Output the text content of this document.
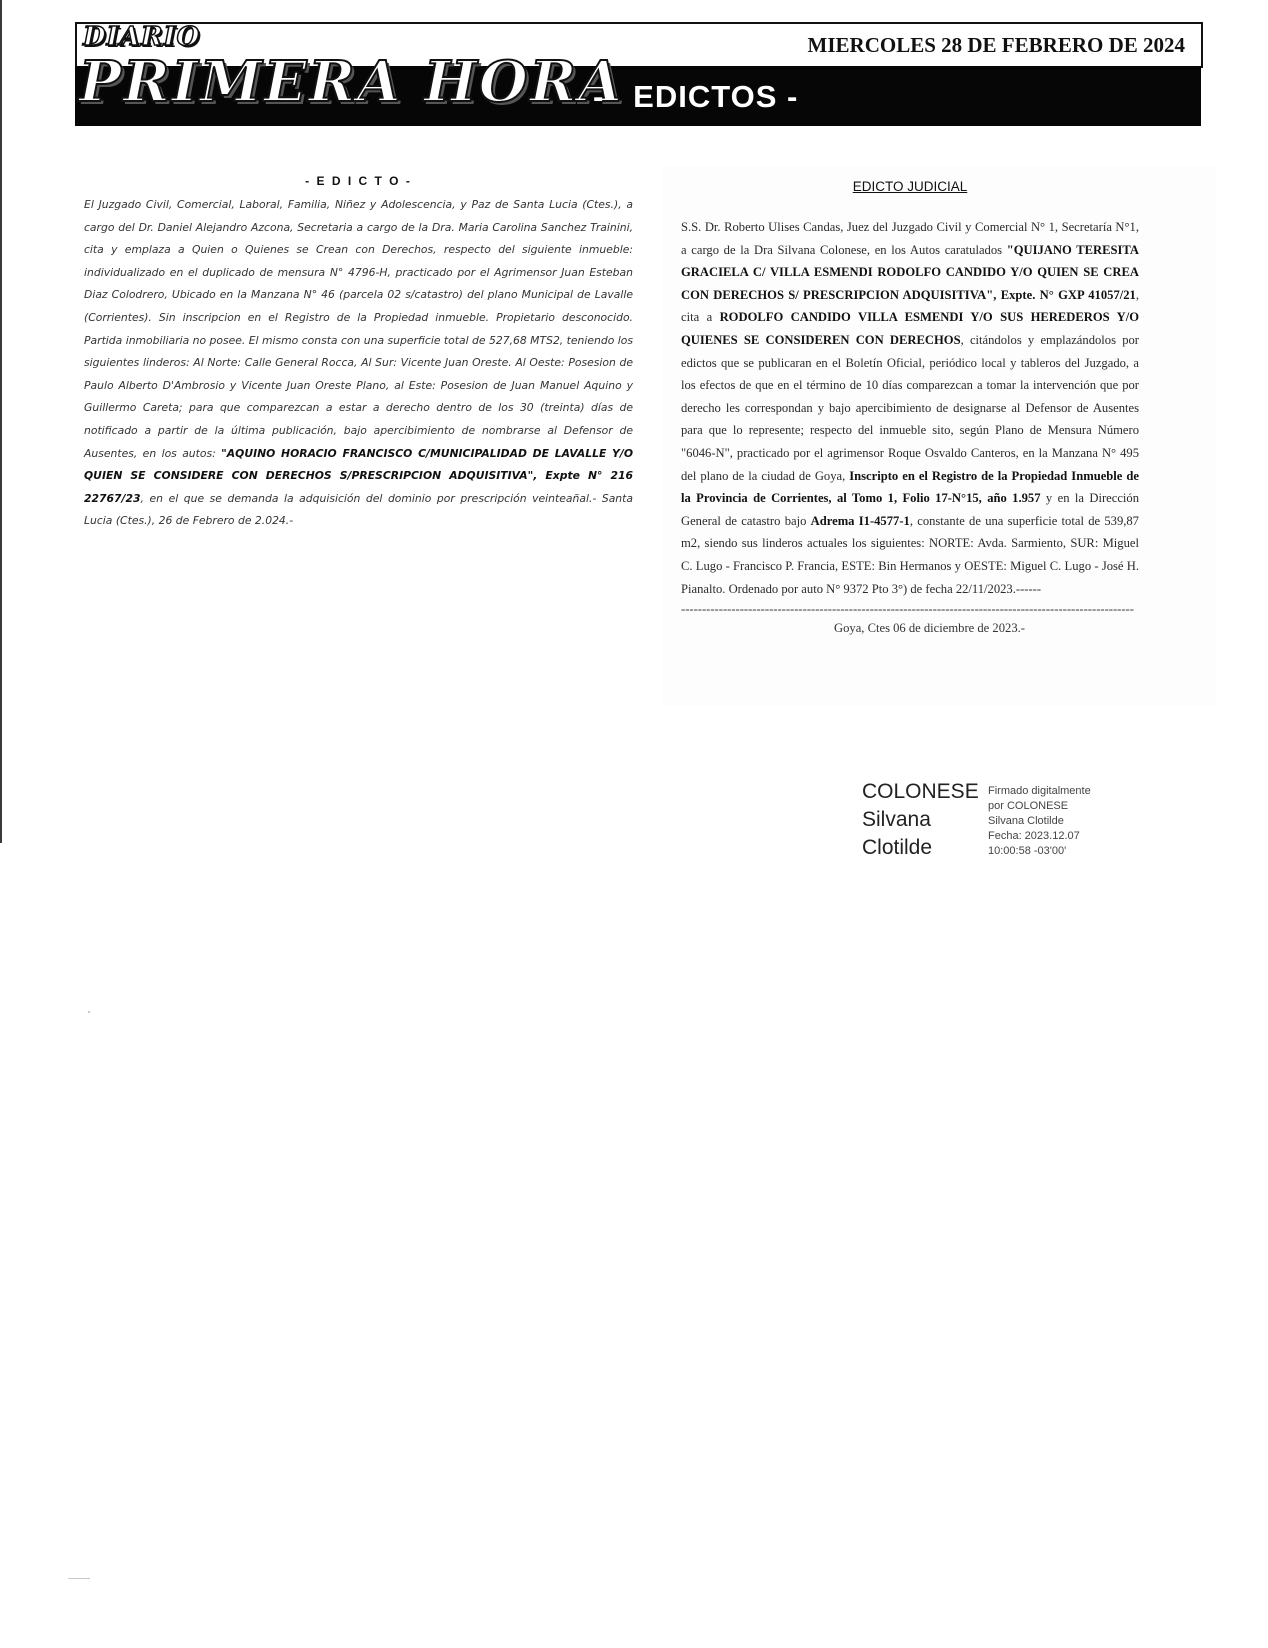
MIERCOLES 28 DE FEBRERO DE 2024
DIARIO
PRIMERA HORA
-   EDICTOS -
- E D I C T O -

El Juzgado Civil, Comercial, Laboral, Familia, Niñez y Adolescencia, y Paz de Santa Lucia (Ctes.), a cargo del Dr. Daniel Alejandro Azcona, Secretaria a cargo de la Dra. Maria Carolina Sanchez Trainini, cita y emplaza a Quien o Quienes se Crean con Derechos, respecto del siguiente inmueble: individualizado en el duplicado de mensura N° 4796-H, practicado por el Agrimensor Juan Esteban Diaz Colodrero, Ubicado en la Manzana N° 46 (parcela 02 s/catastro) del plano Municipal de Lavalle (Corrientes). Sin inscripcion en el Registro de la Propiedad inmueble. Propietario desconocido. Partida inmobiliaria no posee. El mismo consta con una superficie total de 527,68 MTS2, teniendo los siguientes linderos: Al Norte: Calle General Rocca, Al Sur: Vicente Juan Oreste. Al Oeste: Posesion de Paulo Alberto D'Ambrosio y Vicente Juan Oreste Plano, al Este: Posesion de Juan Manuel Aquino y Guillermo Careta; para que comparezcan a estar a derecho dentro de los 30 (treinta) días de notificado a partir de la última publicación, bajo apercibimiento de nombrarse al Defensor de Ausentes, en los autos: "AQUINO HORACIO FRANCISCO C/MUNICIPALIDAD DE LAVALLE Y/O QUIEN SE CONSIDERE CON DERECHOS S/PRESCRIPCION ADQUISITIVA", Expte N° 216 22767/23, en el que se demanda la adquisición del dominio por prescripción veinteañal.- Santa Lucia (Ctes.), 26 de Febrero de 2.024.-

EDICTO JUDICIAL

S.S. Dr. Roberto Ulises Candas, Juez del Juzgado Civil y Comercial N° 1, Secretaría N°1, a cargo de la Dra Silvana Colonese, en los Autos caratulados "QUIJANO TERESITA GRACIELA C/ VILLA ESMENDI RODOLFO CANDIDO Y/O QUIEN SE CREA CON DERECHOS S/ PRESCRIPCION ADQUISITIVA", Expte. N° GXP 41057/21, cita a RODOLFO CANDIDO VILLA ESMENDI Y/O SUS HEREDEROS Y/O QUIENES SE CONSIDEREN CON DERECHOS, citándolos y emplazándolos por edictos que se publicaran en el Boletín Oficial, periódico local y tableros del Juzgado, a los efectos de que en el término de 10 días comparezcan a tomar la intervención que por derecho les correspondan y bajo apercibimiento de designarse al Defensor de Ausentes para que lo represente; respecto del inmueble sito, según Plano de Mensura Número "6046-N", practicado por el agrimensor Roque Osvaldo Canteros, en la Manzana N° 495 del plano de la ciudad de Goya, Inscripto en el Registro de la Propiedad Inmueble de la Provincia de Corrientes, al Tomo 1, Folio 17-N°15, año 1.957 y en la Dirección General de catastro bajo Adrema I1-4577-1, constante de una superficie total de 539,87 m2, siendo sus linderos actuales los siguientes: NORTE: Avda. Sarmiento, SUR: Miguel C. Lugo - Francisco P. Francia, ESTE: Bin Hermanos y OESTE: Miguel C. Lugo - José H. Pianalto. Ordenado por auto N° 9372 Pto 3°) de fecha 22/11/2023.------

------------------------------------------------------------------------------------------------------------
Goya, Ctes 06 de diciembre de 2023.-
COLONESE
Silvana
Clotilde
Firmado digitalmente
por COLONESE
Silvana Clotilde
Fecha: 2023.12.07
10:00:58 -03'00'
